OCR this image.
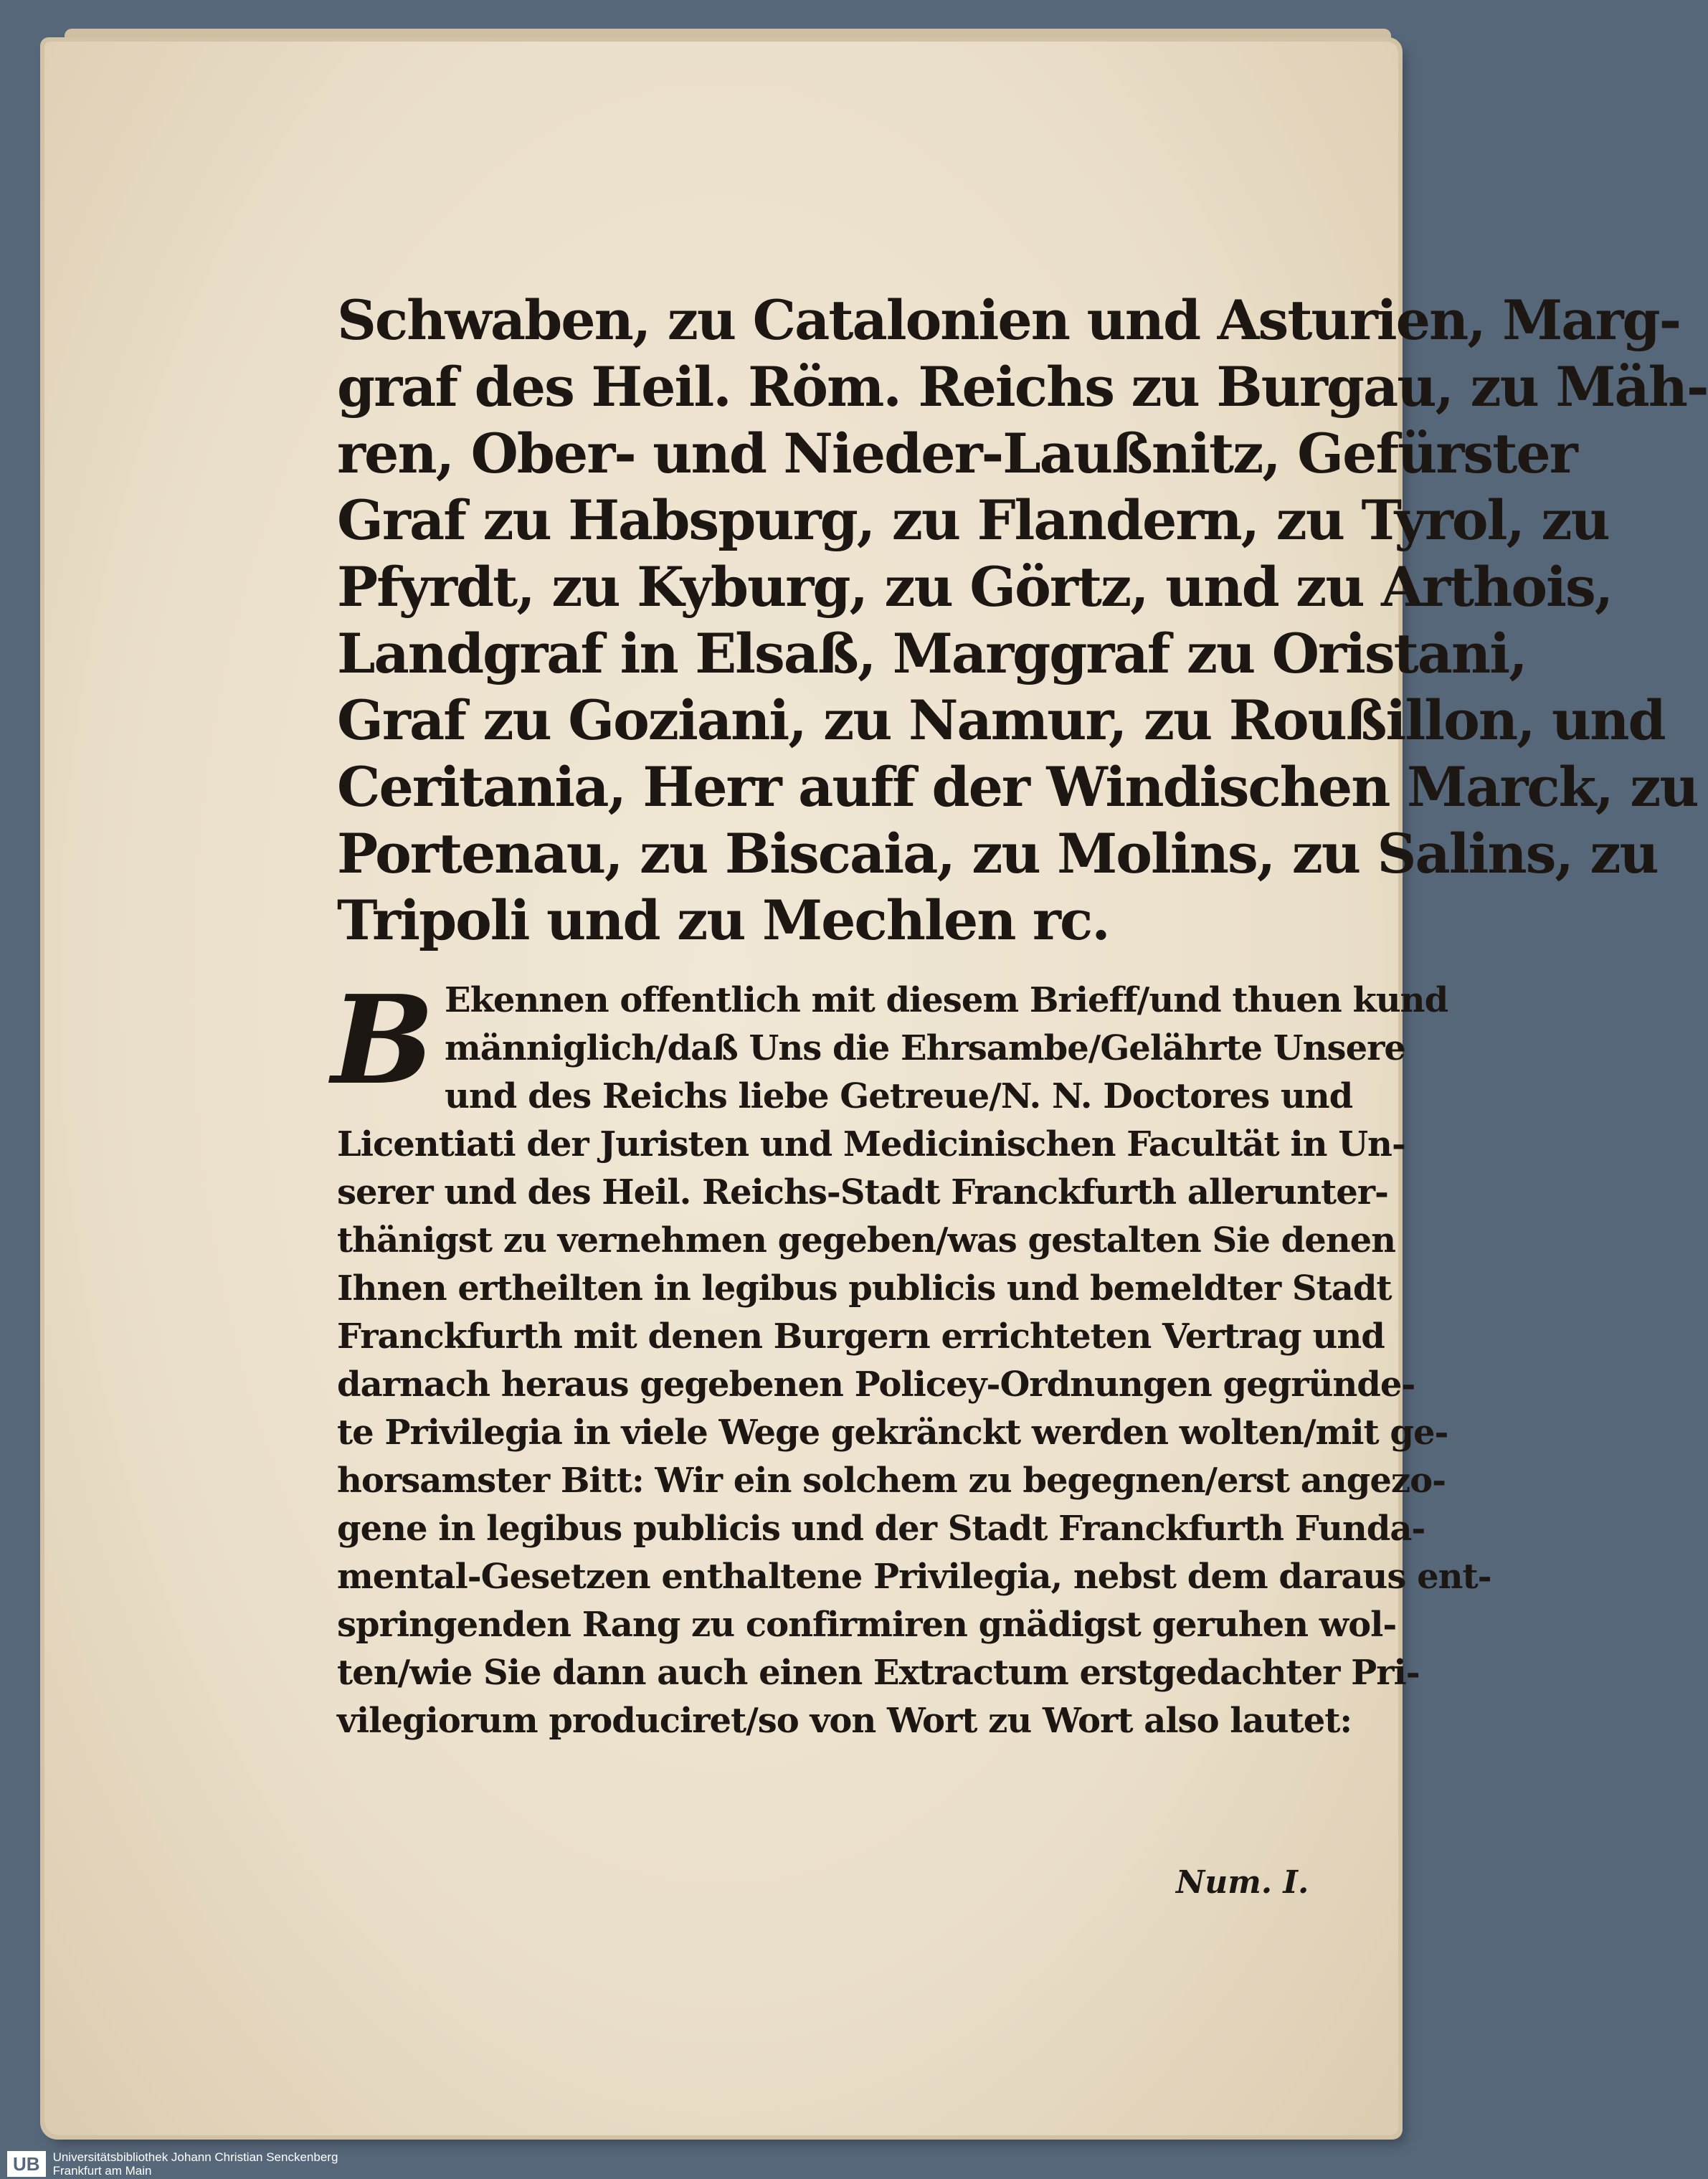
Schwaben, zu Catalonien und Asturien, Marg-
graf des Heil. Röm. Reichs zu Burgau, zu Mäh-
ren, Ober- und Nieder-Laußnitz, Gefürster
Graf zu Habspurg, zu Flandern, zu Tyrol, zu
Pfyrdt, zu Kyburg, zu Görtz, und zu Arthois,
Landgraf in Elsaß, Marggraf zu Oristani,
Graf zu Goziani, zu Namur, zu Roußillon, und
Ceritania, Herr auff der Windischen Marck, zu
Portenau, zu Biscaia, zu Molins, zu Salins, zu
Tripoli und zu Mechlen rc.
B Ekennen offentlich mit diesem Brieff/und thuen kund
männiglich/daß Uns die Ehrsambe/Gelährte Unsere
und des Reichs liebe Getreue/N. N. Doctores und
Licentiati der Juristen und Medicinischen Facultät in Un-
serer und des Heil. Reichs-Stadt Franckfurth allerunter-
thänigst zu vernehmen gegeben/was gestalten Sie denen
Ihnen ertheilten in legibus publicis und bemeldter Stadt
Franckfurth mit denen Burgern errichteten Vertrag und
darnach heraus gegebenen Policey-Ordnungen gegründe-
te Privilegia in viele Wege gekränckt werden wolten/mit ge-
horsamster Bitt: Wir ein solchem zu begegnen/erst angezo-
gene in legibus publicis und der Stadt Franckfurth Funda-
mental-Gesetzen enthaltene Privilegia, nebst dem daraus ent-
springenden Rang zu confirmiren gnädigst geruhen wol-
ten/wie Sie dann auch einen Extractum erstgedachter Pri-
vilegiorum produciret/so von Wort zu Wort also lautet:
Num. I.
UB	Universitätsbibliothek Johann Christian Senckenberg
Frankfurt am Main
